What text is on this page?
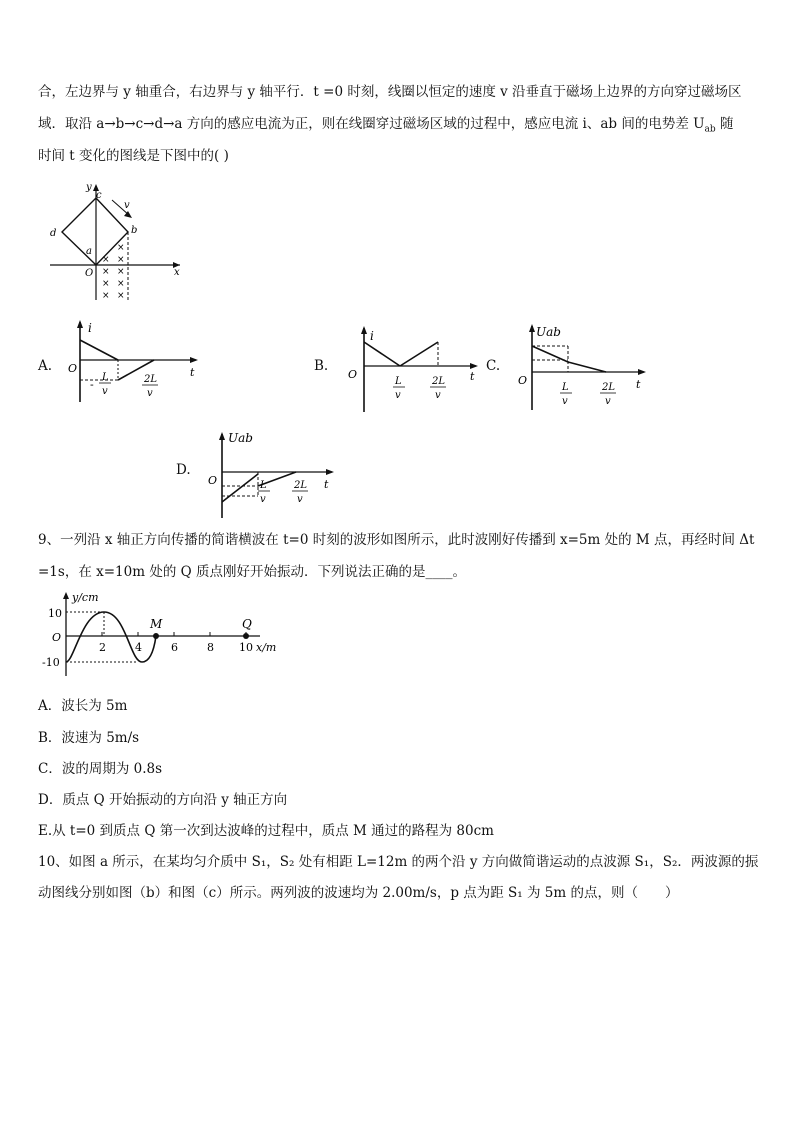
合，左边界与 y 轴重合，右边界与 y 轴平行．t =0 时刻，线圈以恒定的速度 v 沿垂直于磁场上边界的方向穿过磁场区
域．取沿 a→b→c→d→a 方向的感应电流为正，则在线圈穿过磁场区域的过程中，感应电流 i、ab 间的电势差 $U_{ab}$ 随
时间 t 变化的图线是下图中的( )
y
x
O
a
b
c
d
v
×
× ×
× ×
× ×
× ×
A.
i
O	t
-
L
v
2L
v
B.
i
O	t
L
v
2L
v
C.
Uab
O	t
L
v
2L
v
D.
Uab
O	t
L
v
2L
v
9、一列沿 x 轴正方向传播的简谐横波在 t=0 时刻的波形如图所示，此时波刚好传播到 x=5m 处的 M 点，再经时间 Δt
=1s，在 x=10m 处的 Q 质点刚好开始振动．下列说法正确的是____。
y/cm
10
O
-10
2	4	6	8 10 x/m
M	Q
A．波长为 5m
B．波速为 5m/s
C．波的周期为 0.8s
D．质点 Q 开始振动的方向沿 y 轴正方向
E.从 t=0 到质点 Q 第一次到达波峰的过程中，质点 M 通过的路程为 80cm
10、如图 a 所示，在某均匀介质中 S₁，S₂ 处有相距 L=12m 的两个沿 y 方向做简谐运动的点波源 S₁，S₂．两波源的振
动图线分别如图（b）和图（c）所示。两列波的波速均为 2.00m/s，p 点为距 S₁ 为 5m 的点，则（　　）
